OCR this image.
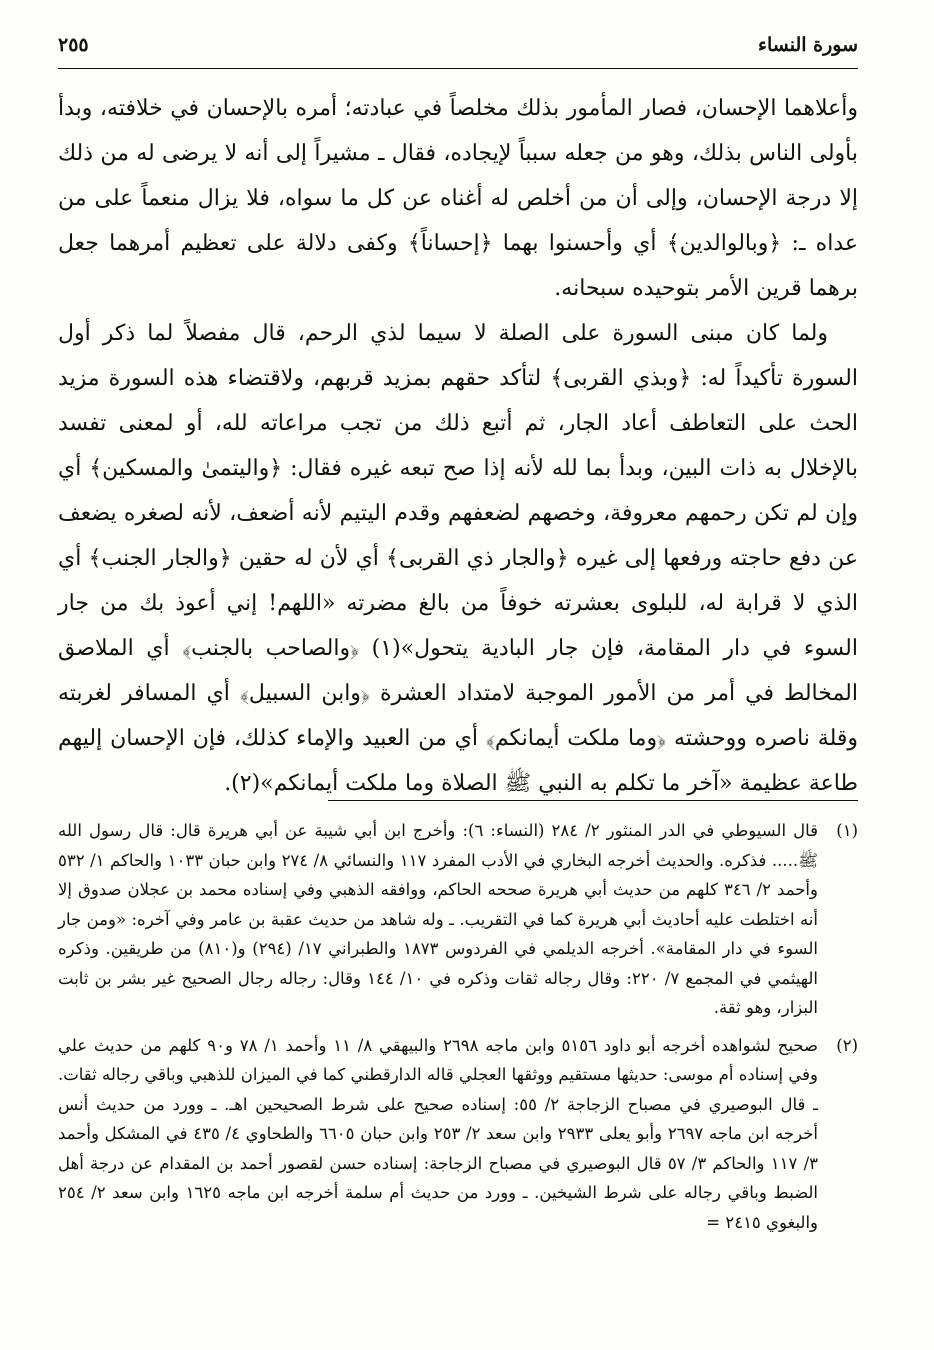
سورة النساء
٢٥٥

وأعلاهما الإحسان، فصار المأمور بذلك مخلصاً في عبادته؛ أمره بالإحسان في خلافته، وبدأ بأولى الناس بذلك، وهو من جعله سبباً لإيجاده، فقال ـ مشيراً إلى أنه لا يرضى له من ذلك إلا درجة الإحسان، وإلى أن من أخلص له أغناه عن كل ما سواه، فلا يزال منعماً على من عداه ـ: ﴿وبالوالدين﴾ أي وأحسنوا بهما ﴿إحساناً﴾ وكفى دلالة على تعظيم أمرهما جعل برهما قرين الأمر بتوحيده سبحانه.

ولما كان مبنى السورة على الصلة لا سيما لذي الرحم، قال مفصلاً لما ذكر أول السورة تأكيداً له: ﴿وبذي القربى﴾ لتأكد حقهم بمزيد قربهم، ولاقتضاء هذه السورة مزيد الحث على التعاطف أعاد الجار، ثم أتبع ذلك من تجب مراعاته لله، أو لمعنى تفسد بالإخلال به ذات البين، وبدأ بما لله لأنه إذا صح تبعه غيره فقال: ﴿واليتمىٰ والمسكين﴾ أي وإن لم تكن رحمهم معروفة، وخصهم لضعفهم وقدم اليتيم لأنه أضعف، لأنه لصغره يضعف عن دفع حاجته ورفعها إلى غيره ﴿والجار ذي القربى﴾ أي لأن له حقين ﴿والجار الجنب﴾ أي الذي لا قرابة له، للبلوى بعشرته خوفاً من بالغ مضرته «اللهم! إني أعوذ بك من جار السوء في دار المقامة، فإن جار البادية يتحول»(١) ﴿والصاحب بالجنب﴾ أي الملاصق المخالط في أمر من الأمور الموجبة لامتداد العشرة ﴿وابن السبيل﴾ أي المسافر لغربته وقلة ناصره ووحشته ﴿وما ملكت أيمانكم﴾ أي من العبيد والإماء كذلك، فإن الإحسان إليهم طاعة عظيمة «آخر ما تكلم به النبي ﷺ الصلاة وما ملكت أيمانكم»(٢).

(١)
قال السيوطي في الدر المنثور ٢/ ٢٨٤ (النساء: ٦): وأخرج ابن أبي شيبة عن أبي هريرة قال: قال رسول الله ﷺ..... فذكره. والحديث أخرجه البخاري في الأدب المفرد ١١٧ والنسائي ٨/ ٢٧٤ وابن حبان ١٠٣٣ والحاكم ١/ ٥٣٢ وأحمد ٢/ ٣٤٦ كلهم من حديث أبي هريرة صححه الحاكم، ووافقه الذهبي وفي إسناده محمد بن عجلان صدوق إلا أنه اختلطت عليه أحاديث أبي هريرة كما في التقريب. ـ وله شاهد من حديث عقبة بن عامر وفي آخره: «ومن جار السوء في دار المقامة». أخرجه الديلمي في الفردوس ١٨٧٣ والطبراني ١٧/ (٢٩٤) و(٨١٠) من طريقين. وذكره الهيثمي في المجمع ٧/ ٢٢٠: وقال رجاله ثقات وذكره في ١٠/ ١٤٤ وقال: رجاله رجال الصحيح غير بشر بن ثابت البزار، وهو ثقة.
(٢)
صحيح لشواهده أخرجه أبو داود ٥١٥٦ وابن ماجه ٢٦٩٨ والبيهقي ٨/ ١١ وأحمد ١/ ٧٨ و٩٠ كلهم من حديث علي وفي إسناده أم موسى: حديثها مستقيم ووثقها العجلي قاله الدارقطني كما في الميزان للذهبي وباقي رجاله ثقات. ـ قال البوصيري في مصباح الزجاجة ٢/ ٥٥: إسناده صحيح على شرط الصحيحين اهـ. ـ وورد من حديث أنس أخرجه ابن ماجه ٢٦٩٧ وأبو يعلى ٢٩٣٣ وابن سعد ٢/ ٢٥٣ وابن حبان ٦٦٠٥ والطحاوي ٤/ ٤٣٥ في المشكل وأحمد ٣/ ١١٧ والحاكم ٣/ ٥٧ قال البوصيري في مصباح الزجاجة: إسناده حسن لقصور أحمد بن المقدام عن درجة أهل الضبط وباقي رجاله على شرط الشيخين. ـ وورد من حديث أم سلمة أخرجه ابن ماجه ١٦٢٥ وابن سعد ٢/ ٢٥٤ والبغوي ٢٤١٥ =
